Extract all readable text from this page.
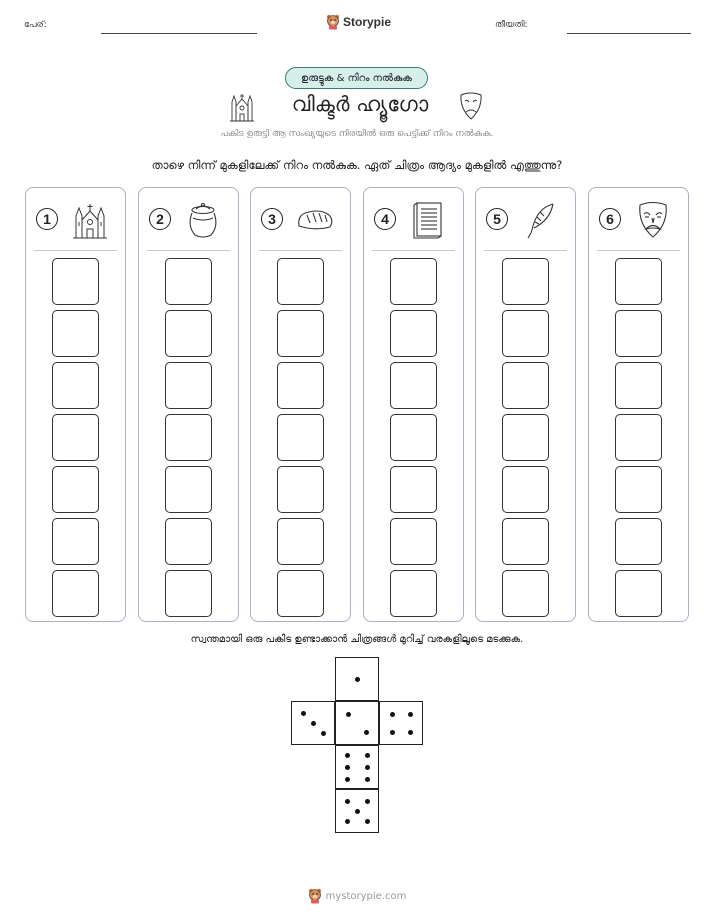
പേര്:	Storypie	തീയതി:
ഉരുട്ടുക & നിറം നൽകുക
വിക്ടർ ഹ്യൂഗോ
പകിട ഉരുട്ടി ആ സംഖ്യയുടെ നിരയിൽ ഒരു പെട്ടിക്ക് നിറം നൽകുക.
താഴെ നിന്ന് മുകളിലേക്ക് നിറം നൽകുക. ഏത് ചിത്രം ആദ്യം മുകളിൽ എത്തുന്നു?
1	2	3	4	5	6
സ്വന്തമായി ഒരു പകിട ഉണ്ടാക്കാൻ ചിത്രങ്ങൾ മുറിച്ച് വരകളിലൂടെ മടക്കുക.
mystorypie.com
